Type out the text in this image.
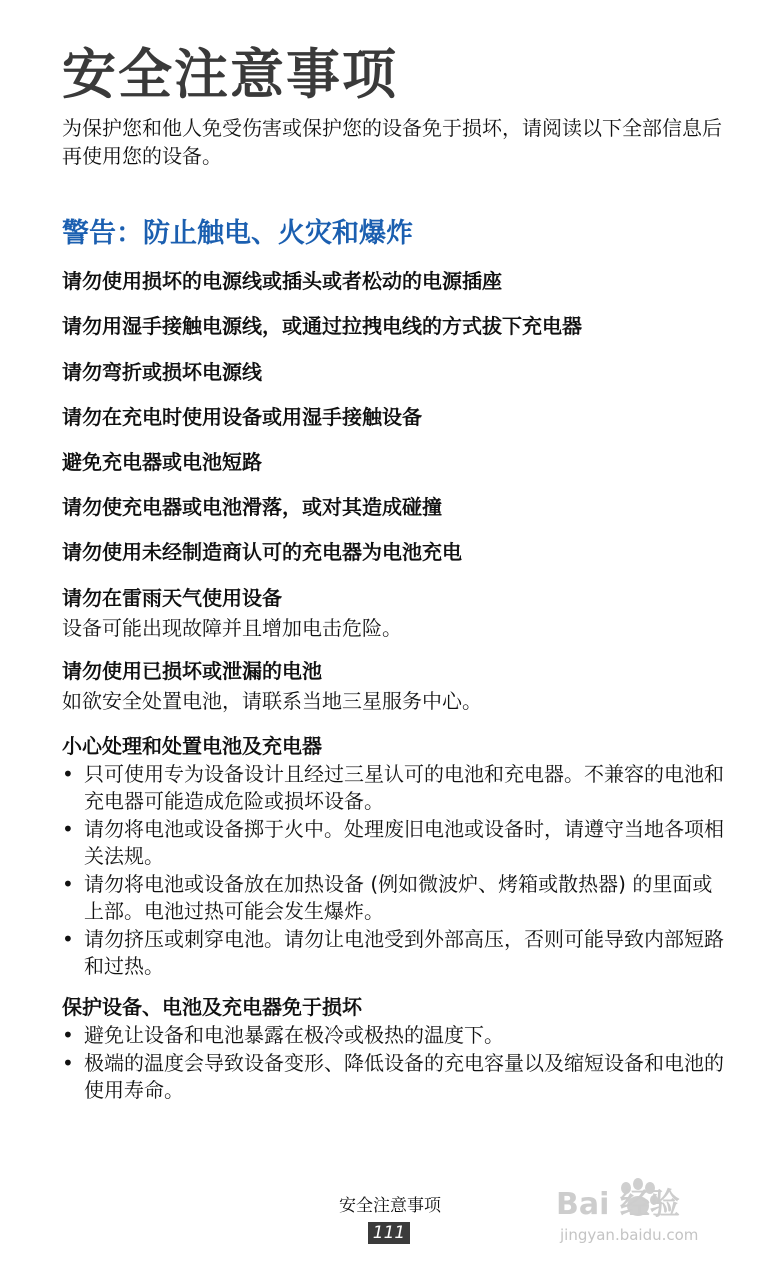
安全注意事项

为保护您和他人免受伤害或保护您的设备免于损坏，请阅读以下全部信息后再使用您的设备。

警告：防止触电、火灾和爆炸

请勿使用损坏的电源线或插头或者松动的电源插座

请勿用湿手接触电源线，或通过拉拽电线的方式拔下充电器

请勿弯折或损坏电源线

请勿在充电时使用设备或用湿手接触设备

避免充电器或电池短路

请勿使充电器或电池滑落，或对其造成碰撞

请勿使用未经制造商认可的充电器为电池充电

请勿在雷雨天气使用设备

设备可能出现故障并且增加电击危险。

请勿使用已损坏或泄漏的电池

如欲安全处置电池，请联系当地三星服务中心。

小心处理和处置电池及充电器

• 只可使用专为设备设计且经过三星认可的电池和充电器。不兼容的电池和充电器可能造成危险或损坏设备。
• 请勿将电池或设备掷于火中。处理废旧电池或设备时，请遵守当地各项相关法规。
• 请勿将电池或设备放在加热设备 (例如微波炉、烤箱或散热器) 的里面或上部。电池过热可能会发生爆炸。
• 请勿挤压或刺穿电池。请勿让电池受到外部高压，否则可能导致内部短路和过热。

保护设备、电池及充电器免于损坏

• 避免让设备和电池暴露在极冷或极热的温度下。
• 极端的温度会导致设备变形、降低设备的充电容量以及缩短设备和电池的使用寿命。
安全注意事项
111
Bai 经验
jingyan.baidu.com
